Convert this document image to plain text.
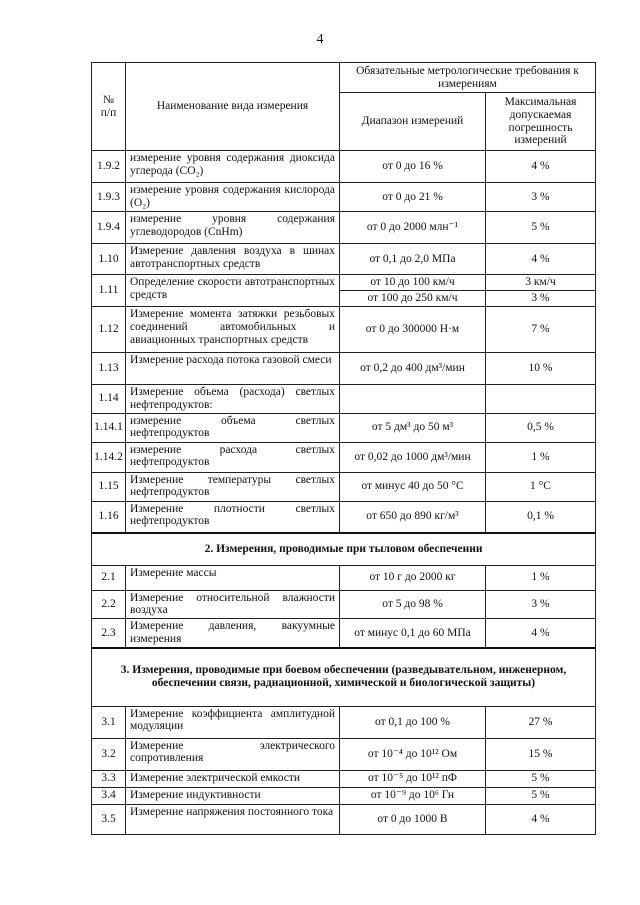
4
№
п/п	Наименование вида измерения	Обязательные метрологические требования к измерениям	
		Диапазон измерений	Максимальная допускаемая погрешность измерений
1.9.2	измерение уровня содержания диоксида углерода (CO₂)	от 0 до 16 %	4 %
1.9.3	измерение уровня содержания кислорода (O₂)	от 0 до 21 %	3 %
1.9.4	измерение уровня содержания углеводородов (CnHm)	от 0 до 2000 млн⁻¹	5 %
1.10	Измерение давления воздуха в шинах автотранспортных средств	от 0,1 до 2,0 МПа	4 %
1.11	Определение скорости автотранспортных средств	от 10 до 100 км/ч	3 км/ч
		от 100 до 250 км/ч	3 %
1.12	Измерение момента затяжки резьбовых соединений автомобильных и авиационных транспортных средств	от 0 до 300000 Н·м	7 %
1.13	Измерение расхода потока газовой смеси	от 0,2 до 400 дм³/мин	10 %
1.14	Измерение объема (расхода) светлых нефтепродуктов:		
1.14.1	измерение объема светлых нефтепродуктов	от 5 дм³ до 50 м³	0,5 %
1.14.2	измерение расхода светлых нефтепродуктов	от 0,02 до 1000 дм³/мин	1 %
1.15	Измерение температуры светлых нефтепродуктов	от минус 40 до 50 °C	1 °C
1.16	Измерение плотности светлых нефтепродуктов	от 650 до 890 кг/м³	0,1 %
2. Измерения, проводимые при тыловом обеспечении			
2.1	Измерение массы	от 10 г до 2000 кг	1 %
2.2	Измерение относительной влажности воздуха	от 5 до 98 %	3 %
2.3	Измерение давления, вакуумные измерения	от минус 0,1 до 60 МПа	4 %
3. Измерения, проводимые при боевом обеспечении (разведывательном, инженерном, обеспечении связи, радиационной, химической и биологической защиты)			
3.1	Измерение коэффициента амплитудной модуляции	от 0,1 до 100 %	27 %
3.2	Измерение электрического сопротивления	от 10⁻⁴ до 10¹² Ом	15 %
3.3	Измерение электрической емкости	от 10⁻⁵ до 10¹² пФ	5 %
3.4	Измерение индуктивности	от 10⁻⁹ до 10⁶ Гн	5 %
3.5	Измерение напряжения постоянного тока	от 0 до 1000 В	4 %
